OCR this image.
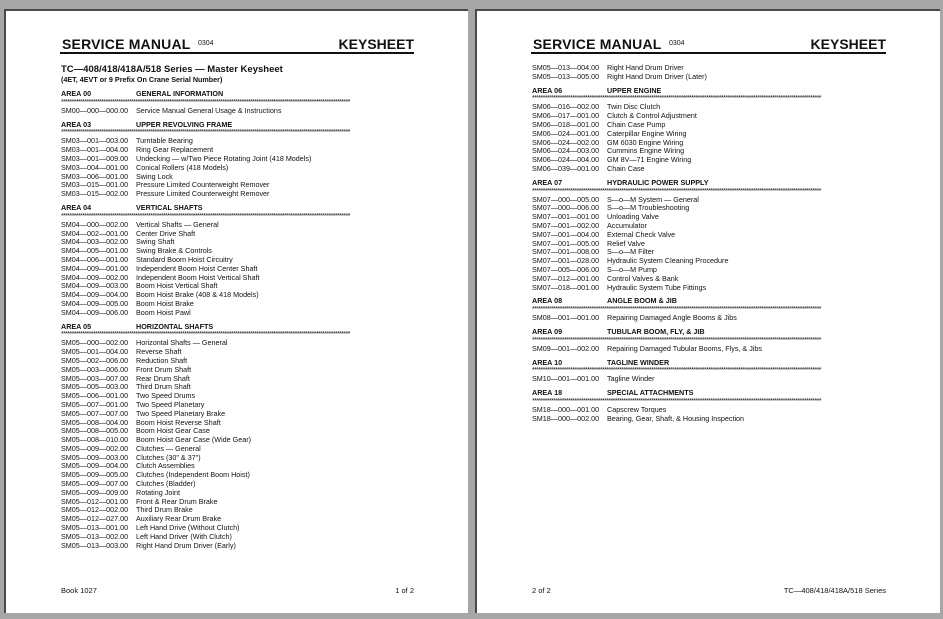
SERVICE MANUAL 0304	KEYSHEET
TC—408/418/418A/518 Series — Master Keysheet
(4ET, 4EVT or 9 Prefix On Crane Serial Number)
AREA 00	GENERAL INFORMATION
****************************************************************************************************************************************
SM00—000—000.00	Service Manual General Usage & Instructions
AREA 03	UPPER REVOLVING FRAME
****************************************************************************************************************************************
SM03—001—003.00	Turntable Bearing
SM03—001—004.00	Ring Gear Replacement
SM03—001—009.00	Undecking — w/Two Piece Rotating Joint (418 Models)
SM03—004—001.00	Conical Rollers (418 Models)
SM03—006—001.00	Swing Lock
SM03—015—001.00	Pressure Limited Counterweight Remover
SM03—015—002.00	Pressure Limited Counterweight Remover
AREA 04	VERTICAL SHAFTS
****************************************************************************************************************************************
SM04—000—002.00	Vertical Shafts — General
SM04—002—001.00	Center Drive Shaft
SM04—003—002.00	Swing Shaft
SM04—005—001.00	Swing Brake & Controls
SM04—006—001.00	Standard Boom Hoist Circuitry
SM04—009—001.00	Independent Boom Hoist Center Shaft
SM04—009—002.00	Independent Boom Hoist Vertical Shaft
SM04—009—003.00	Boom Hoist Vertical Shaft
SM04—009—004.00	Boom Hoist Brake (408 & 418 Models)
SM04—009—005.00	Boom Hoist Brake
SM04—009—006.00	Boom Hoist Pawl
AREA 05	HORIZONTAL SHAFTS
****************************************************************************************************************************************
SM05—000—002.00	Horizontal Shafts — General
SM05—001—004.00	Reverse Shaft
SM05—002—006.00	Reduction Shaft
SM05—003—006.00	Front Drum Shaft
SM05—003—007.00	Rear Drum Shaft
SM05—005—003.00	Third Drum Shaft
SM05—006—001.00	Two Speed Drums
SM05—007—001.00	Two Speed Planetary
SM05—007—007.00	Two Speed Planetary Brake
SM05—008—004.00	Boom Hoist Reverse Shaft
SM05—008—005.00	Boom Hoist Gear Case
SM05—008—010.00	Boom Hoist Gear Case (Wide Gear)
SM05—009—002.00	Clutches — General
SM05—009—003.00	Clutches (30" & 37")
SM05—009—004.00	Clutch Assemblies
SM05—009—005.00	Clutches (Independent Boom Hoist)
SM05—009—007.00	Clutches (Bladder)
SM05—009—009.00	Rotating Joint
SM05—012—001.00	Front & Rear Drum Brake
SM05—012—002.00	Third Drum Brake
SM05—012—027.00	Auxiliary Rear Drum Brake
SM05—013—001.00	Left Hand Drive (Without Clutch)
SM05—013—002.00	Left Hand Driver (With Clutch)
SM05—013—003.00	Right Hand Drum Driver (Early)
Book 1027	1 of 2
SERVICE MANUAL 0304	KEYSHEET
SM05—013—004.00	Right Hand Drum Driver
SM05—013—005.00	Right Hand Drum Driver (Later)
AREA 06	UPPER ENGINE
****************************************************************************************************************************************
SM06—016—002.00	Twin Disc Clutch
SM06—017—001.00	Clutch & Control Adjustment
SM06—018—001.00	Chain Case Pump
SM06—024—001.00	Caterpillar Engine Wiring
SM06—024—002.00	GM 6030 Engine Wiring
SM06—024—003.00	Cummins Engine Wiring
SM06—024—004.00	GM 8V—71 Engine Wiring
SM06—039—001.00	Chain Case
AREA 07	HYDRAULIC POWER SUPPLY
****************************************************************************************************************************************
SM07—000—005.00	S—o—M System — General
SM07—000—006.00	S—o—M Troubleshooting
SM07—001—001.00	Unloading Valve
SM07—001—002.00	Accumulator
SM07—001—004.00	External Check Valve
SM07—001—005.00	Relief Valve
SM07—001—008.00	S—o—M Filter
SM07—001—028.00	Hydraulic System Cleaning Procedure
SM07—005—006.00	S—o—M Pump
SM07—012—001.00	Control Valves & Bank
SM07—018—001.00	Hydraulic System Tube Fittings
AREA 08	ANGLE BOOM & JIB
****************************************************************************************************************************************
SM08—001—001.00	Repairing Damaged Angle Booms & Jibs
AREA 09	TUBULAR BOOM, FLY, & JIB
****************************************************************************************************************************************
SM09—001—002.00	Repairing Damaged Tubular Booms, Flys, & Jibs
AREA 10	TAGLINE WINDER
****************************************************************************************************************************************
SM10—001—001.00	Tagline Winder
AREA 18	SPECIAL ATTACHMENTS
****************************************************************************************************************************************
SM18—000—001.00	Capscrew Torques
SM18—000—002.00	Bearing, Gear, Shaft, & Housing Inspection
2 of 2	TC—408/418/418A/518 Series
